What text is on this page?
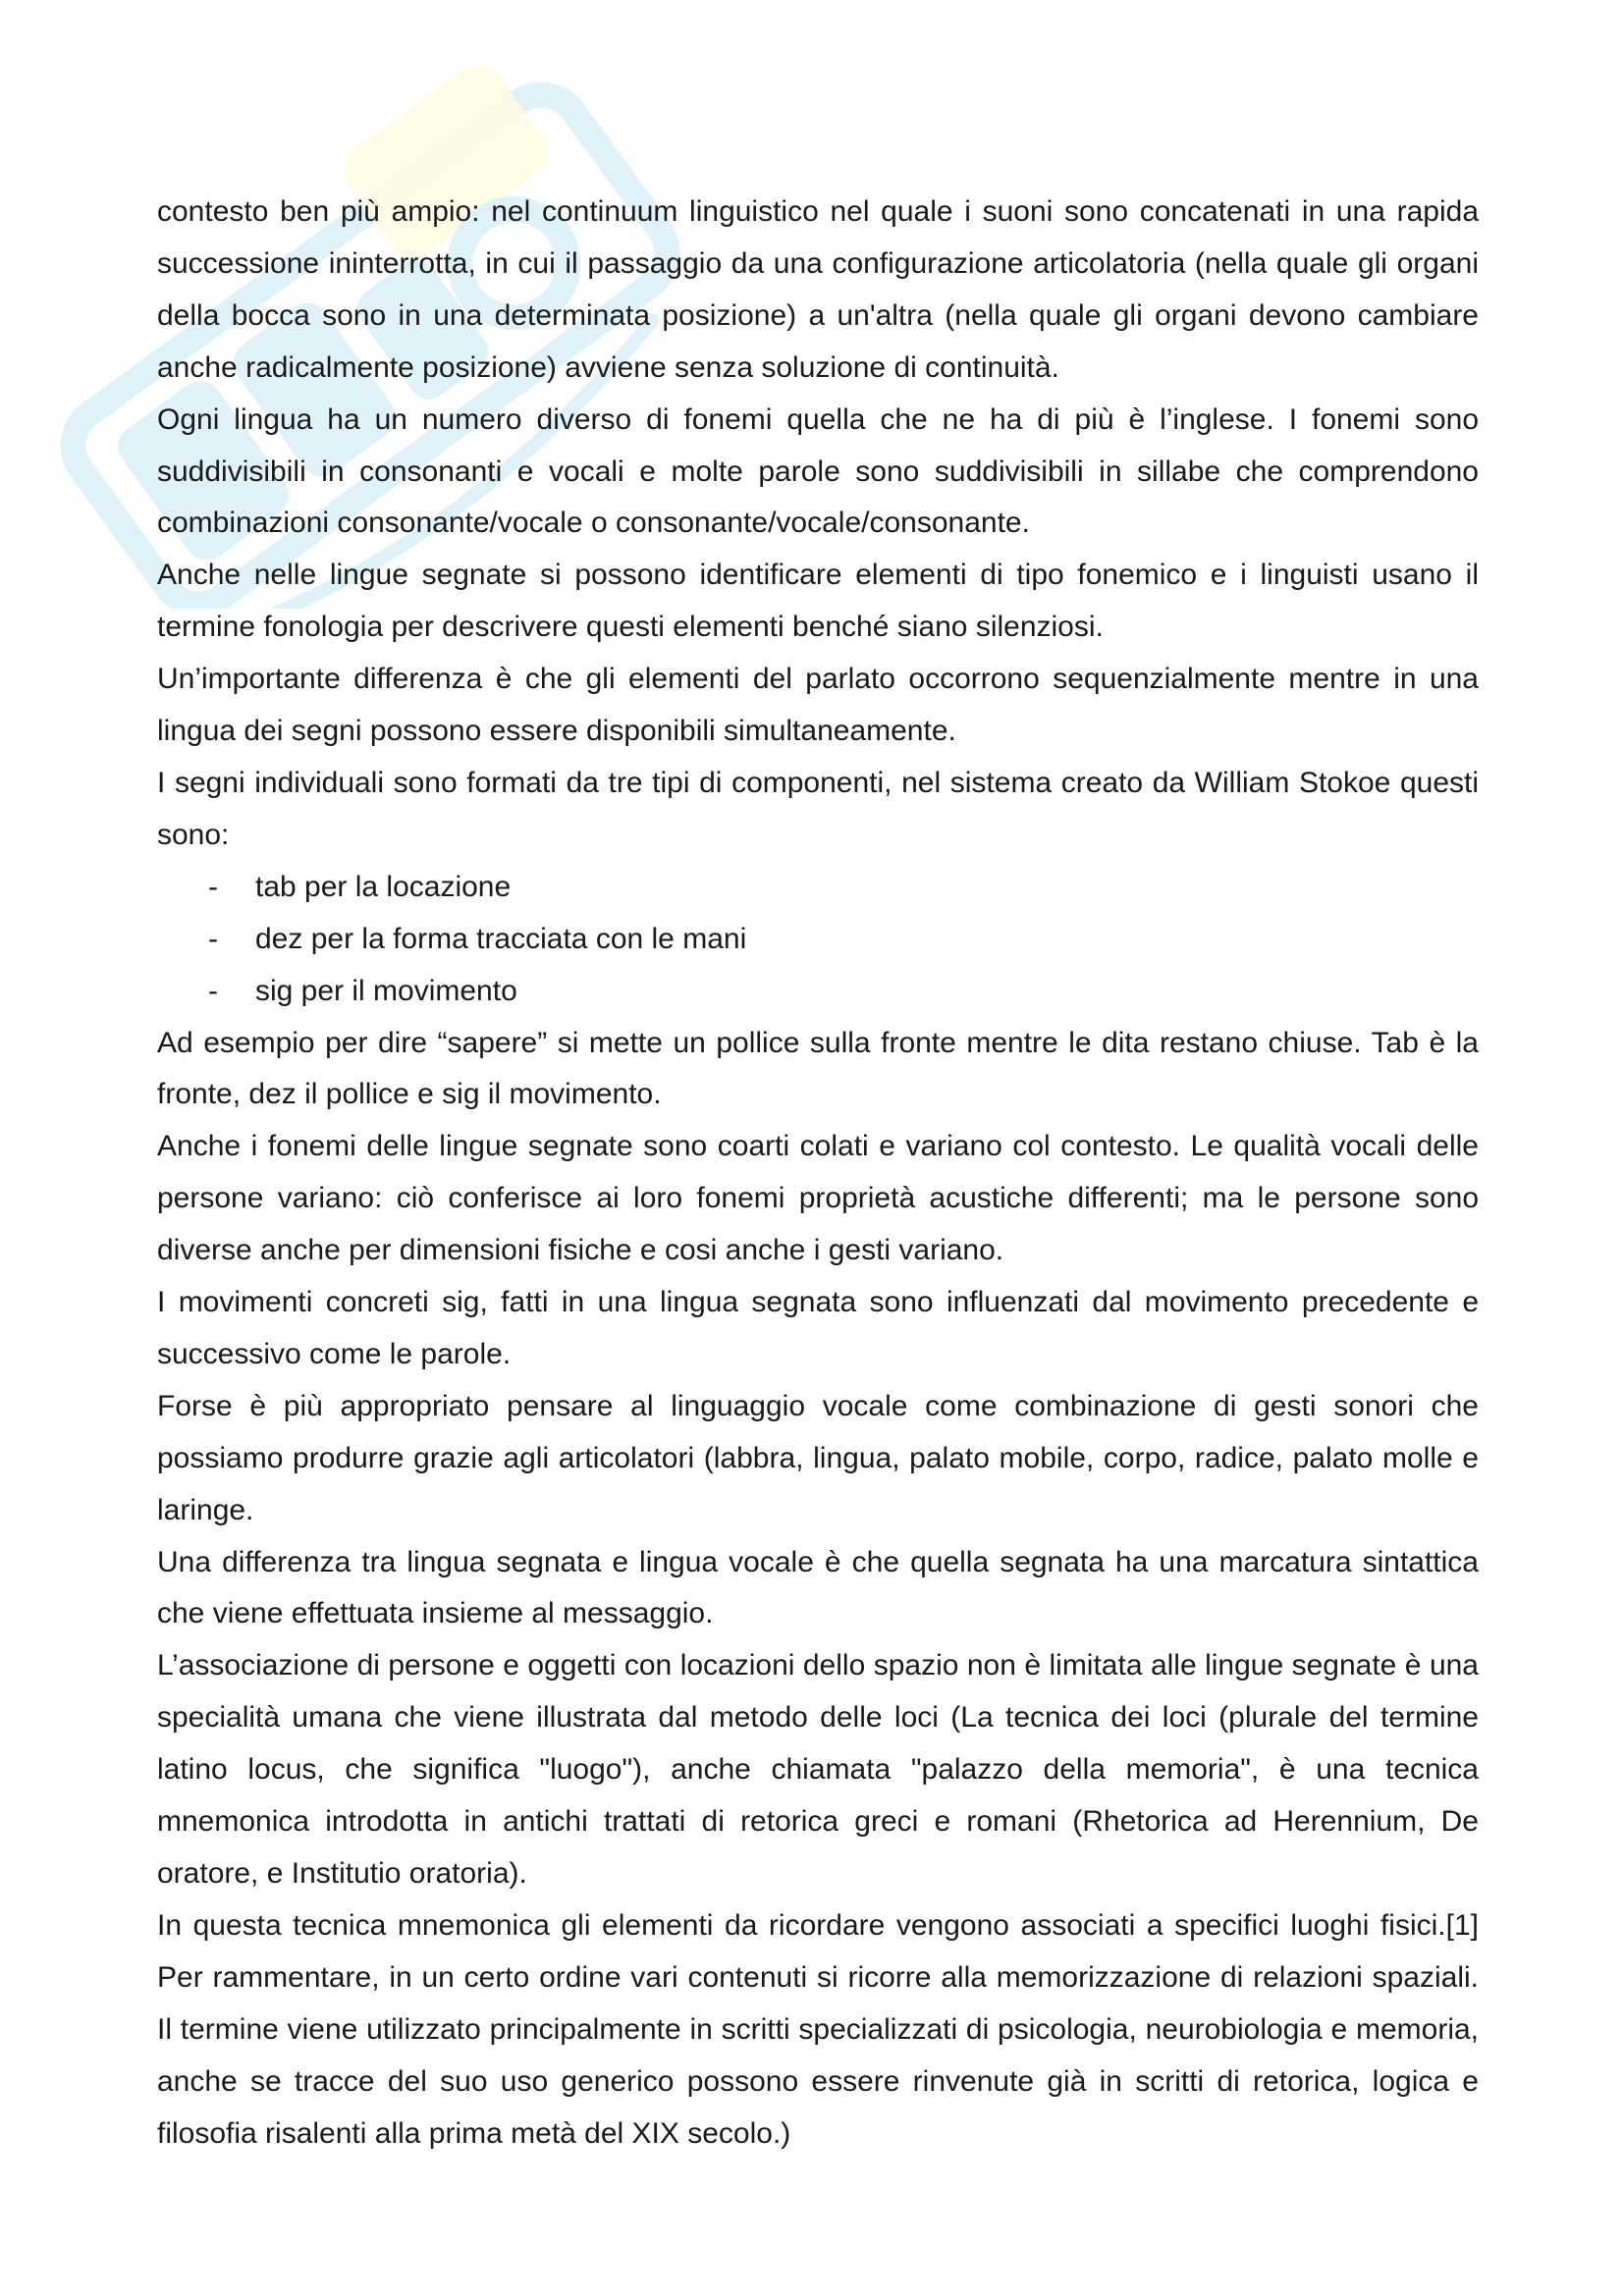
contesto ben più ampio: nel continuum linguistico nel quale i suoni sono concatenati in una rapida successione ininterrotta, in cui il passaggio da una configurazione articolatoria (nella quale gli organi della bocca sono in una determinata posizione) a un'altra (nella quale gli organi devono cambiare anche radicalmente posizione) avviene senza soluzione di continuità.

Ogni lingua ha un numero diverso di fonemi quella che ne ha di più è l’inglese. I fonemi sono suddivisibili in consonanti e vocali e molte parole sono suddivisibili in sillabe che comprendono combinazioni consonante/vocale o consonante/vocale/consonante.

Anche nelle lingue segnate si possono identificare elementi di tipo fonemico e i linguisti usano il termine fonologia per descrivere questi elementi benché siano silenziosi.

Un’importante differenza è che gli elementi del parlato occorrono sequenzialmente mentre in una lingua dei segni possono essere disponibili simultaneamente.

I segni individuali sono formati da tre tipi di componenti, nel sistema creato da William Stokoe questi sono:

- tab per la locazione
- dez per la forma tracciata con le mani
- sig per il movimento

Ad esempio per dire “sapere” si mette un pollice sulla fronte mentre le dita restano chiuse. Tab è la fronte, dez il pollice e sig il movimento.

Anche i fonemi delle lingue segnate sono coarti colati e variano col contesto. Le qualità vocali delle persone variano: ciò conferisce ai loro fonemi proprietà acustiche differenti; ma le persone sono diverse anche per dimensioni fisiche e cosi anche i gesti variano.

I movimenti concreti sig, fatti in una lingua segnata sono influenzati dal movimento precedente e successivo come le parole.

Forse è più appropriato pensare al linguaggio vocale come combinazione di gesti sonori che possiamo produrre grazie agli articolatori (labbra, lingua, palato mobile, corpo, radice, palato molle e laringe.

Una differenza tra lingua segnata e lingua vocale è che quella segnata ha una marcatura sintattica che viene effettuata insieme al messaggio.

L’associazione di persone e oggetti con locazioni dello spazio non è limitata alle lingue segnate è una specialità umana che viene illustrata dal metodo delle loci (La tecnica dei loci (plurale del termine latino locus, che significa "luogo"), anche chiamata "palazzo della memoria", è una tecnica mnemonica introdotta in antichi trattati di retorica greci e romani (Rhetorica ad Herennium, De oratore, e Institutio oratoria).

In questa tecnica mnemonica gli elementi da ricordare vengono associati a specifici luoghi fisici.[1] Per rammentare, in un certo ordine vari contenuti si ricorre alla memorizzazione di relazioni spaziali. Il termine viene utilizzato principalmente in scritti specializzati di psicologia, neurobiologia e memoria, anche se tracce del suo uso generico possono essere rinvenute già in scritti di retorica, logica e filosofia risalenti alla prima metà del XIX secolo.)
